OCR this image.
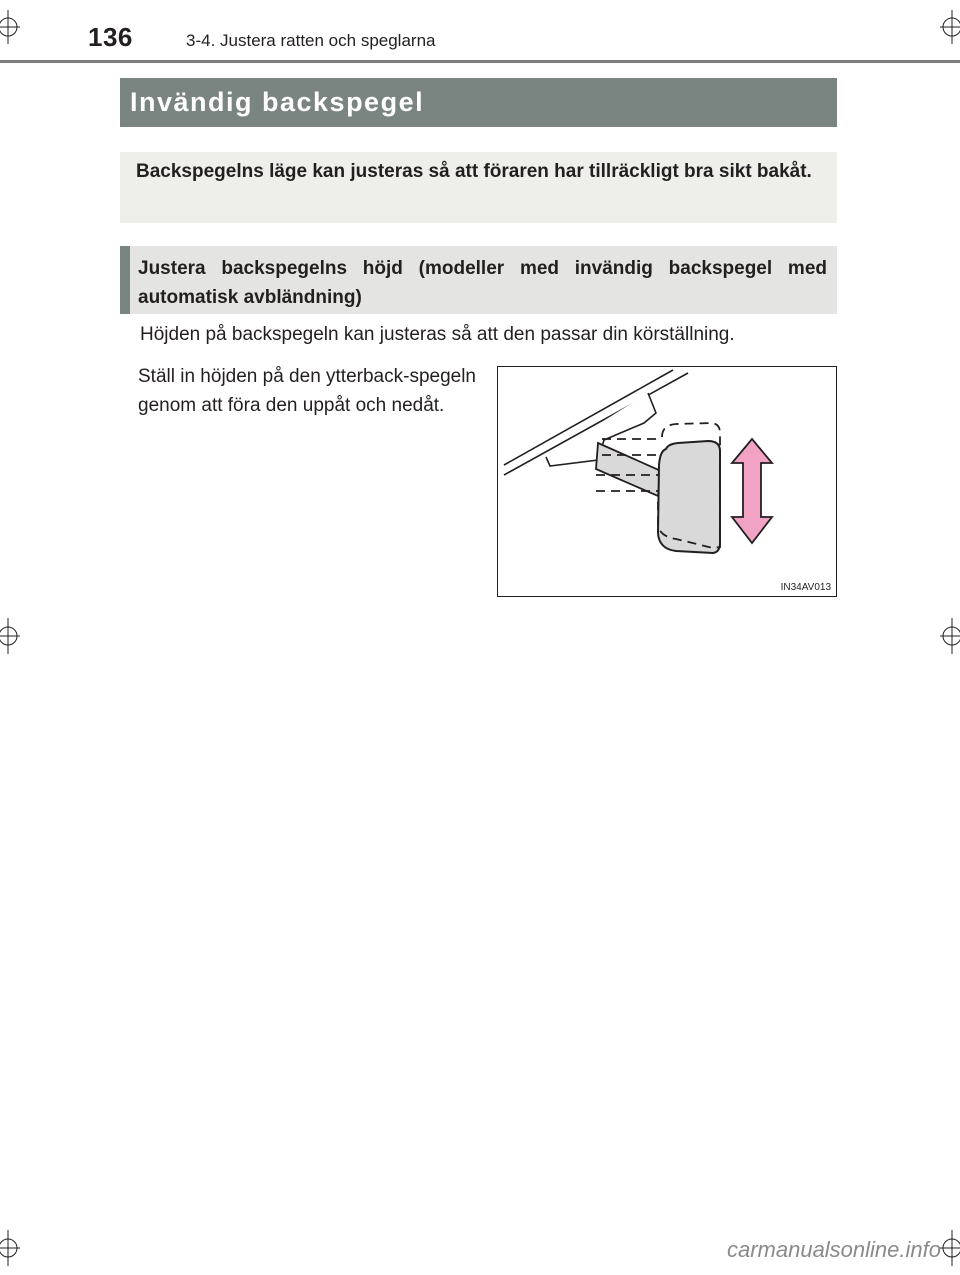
136	3-4. Justera ratten och speglarna
Invändig backspegel
Backspegelns läge kan justeras så att föraren har tillräckligt bra sikt bakåt.
Justera backspegelns höjd (modeller med invändig backspegel med automatisk avbländning)
Höjden på backspegeln kan justeras så att den passar din körställning.
Ställ in höjden på den ytterback-spegeln genom att föra den uppåt och nedåt.
IN34AV013
carmanualsonline.info
